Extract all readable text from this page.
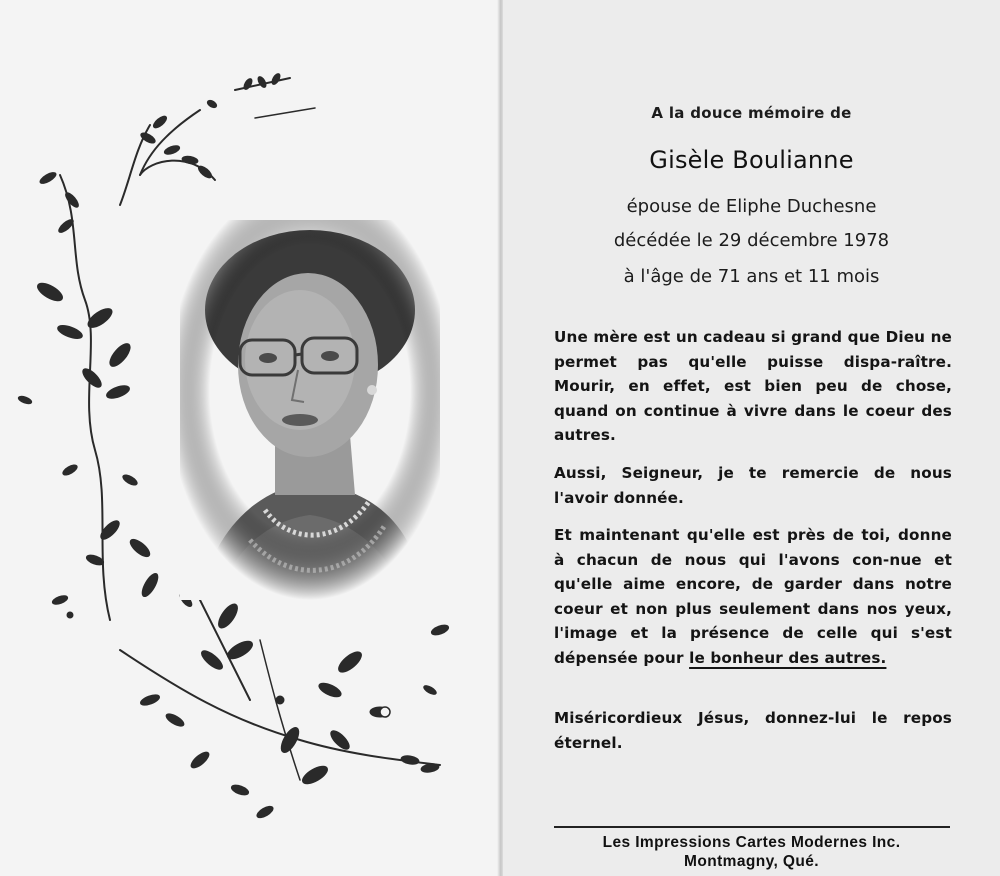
A la douce mémoire de
Gisèle Boulianne
épouse de Eliphe Duchesne
décédée le 29 décembre 1978
à l'âge de 71 ans et 11 mois
Une mère est un cadeau si grand que Dieu ne permet pas qu'elle puisse dispa-raître. Mourir, en effet, est bien peu de chose, quand on continue à vivre dans le coeur des autres.
Aussi, Seigneur, je te remercie de nous l'avoir donnée.
Et maintenant qu'elle est près de toi, donne à chacun de nous qui l'avons con-nue et qu'elle aime encore, de garder dans notre coeur et non plus seulement dans nos yeux, l'image et la présence de celle qui s'est dépensée pour le bonheur des autres.
Miséricordieux Jésus, donnez-lui le repos éternel.
Les Impressions Cartes Modernes Inc.
Montmagny, Qué.
